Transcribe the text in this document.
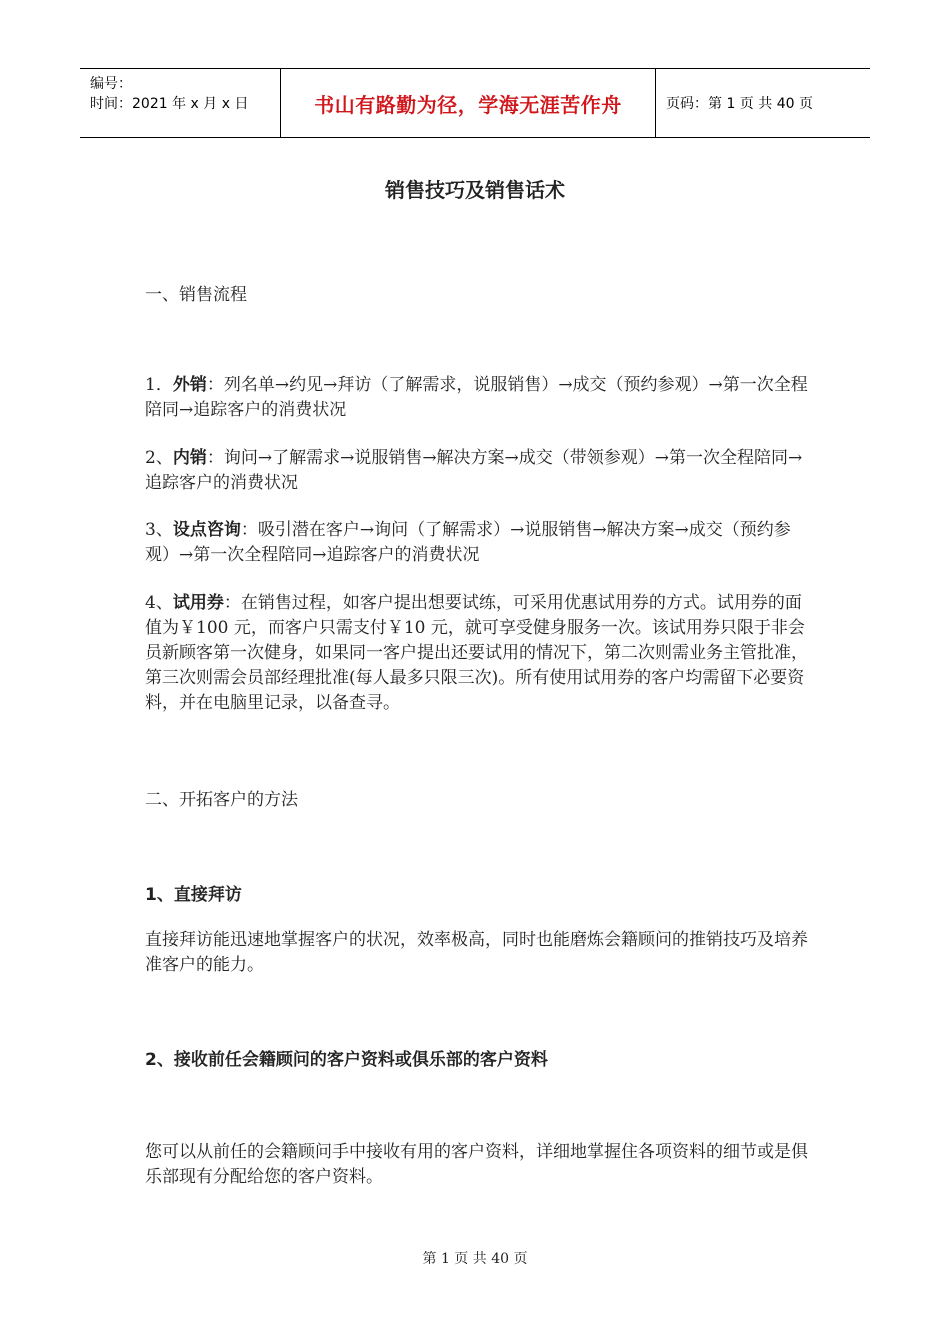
编号：
时间：2021 年 x 月 x 日	书山有路勤为径，学海无涯苦作舟	页码：第 1 页 共 40 页
销售技巧及销售话术
一、销售流程
1．外销：列名单→约见→拜访（了解需求，说服销售）→成交（预约参观）→第一次全程陪同→追踪客户的消费状况
2、内销：询问→了解需求→说服销售→解决方案→成交（带领参观）→第一次全程陪同→追踪客户的消费状况
3、设点咨询：吸引潜在客户→询问（了解需求）→说服销售→解决方案→成交（预约参观）→第一次全程陪同→追踪客户的消费状况
4、试用券：在销售过程，如客户提出想要试练，可采用优惠试用券的方式。试用券的面值为￥100 元，而客户只需支付￥10 元，就可享受健身服务一次。该试用券只限于非会员新顾客第一次健身，如果同一客户提出还要试用的情况下，第二次则需业务主管批准，第三次则需会员部经理批准(每人最多只限三次)。所有使用试用券的客户均需留下必要资料，并在电脑里记录，以备查寻。
二、开拓客户的方法
1、直接拜访
直接拜访能迅速地掌握客户的状况，效率极高，同时也能磨炼会籍顾问的推销技巧及培养准客户的能力。
2、接收前任会籍顾问的客户资料或俱乐部的客户资料
您可以从前任的会籍顾问手中接收有用的客户资料，详细地掌握住各项资料的细节或是俱乐部现有分配给您的客户资料。
第 1 页 共 40 页
